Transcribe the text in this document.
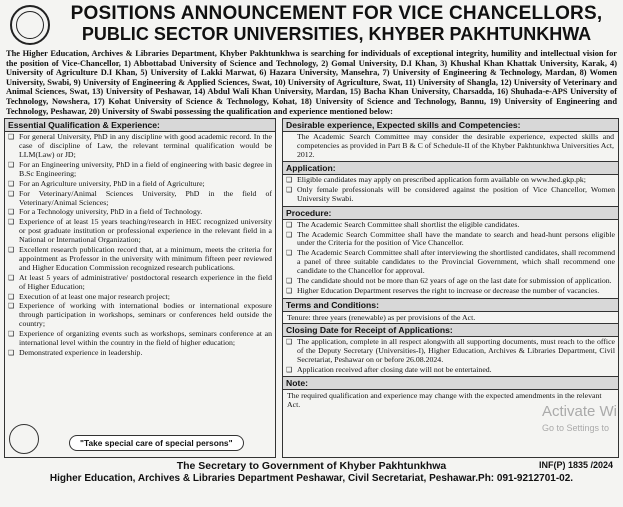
POSITIONS ANNOUNCEMENT FOR VICE CHANCELLORS,
PUBLIC SECTOR UNIVERSITIES, KHYBER PAKHTUNKHWA
The Higher Education, Archives & Libraries Department, Khyber Pakhtunkhwa is searching for individuals of exceptional integrity, humility and intellectual vision for the position of Vice-Chancellor, 1) Abbottabad University of Science and Technology, 2) Gomal University, D.I Khan, 3) Khushal Khan Khattak University, Karak, 4) University of Agriculture D.I Khan, 5) University of Lakki Marwat, 6) Hazara University, Mansehra, 7) University of Engineering & Technology, Mardan, 8) Women University, Swabi, 9) University of Engineering & Applied Sciences, Swat, 10) University of Agriculture, Swat, 11) University of Shangla, 12) University of Veterinary and Animal Sciences, Swat, 13) University of Peshawar, 14) Abdul Wali Khan University, Mardan, 15) Bacha Khan University, Charsadda, 16) Shuhada-e-APS University of Technology, Nowshera, 17) Kohat University of Science & Technology, Kohat, 18) University of Science and Technology, Bannu, 19) University of Engineering and Technology, Peshawar, 20) University of Swabi possessing the qualification and experience mentioned below:
Essential Qualification & Experience:
❑ For general University, PhD in any discipline with good academic record. In the case of discipline of Law, the relevant terminal qualification would be LLM(Law) or JD;
❑ For an Engineering university, PhD in a field of engineering with basic degree in B.Sc Engineering;
❑ For an Agriculture university, PhD in a field of Agriculture;
❑ For Veterinary/Animal Sciences University, PhD in the field of Veterinary/Animal Sciences;
❑ For a Technology university, PhD in a field of Technology.
❑ Experience of at least 15 years teaching/research in HEC recognized university or post graduate institution or professional experience in the relevant field in a National or International Organization;
❑ Excellent research publication record that, at a minimum, meets the criteria for appointment as Professor in the university with minimum fifteen peer reviewed and Higher Education Commission recognized research publications.
❑ At least 5 years of administrative/ postdoctoral research experience in the field of Higher Education;
❑ Execution of at least one major research project;
❑ Experience of working with international bodies or international exposure through participation in workshops, seminars or conferences held outside the country;
❑ Experience of organizing events such as workshops, seminars conference at an international level within the country in the field of higher education;
❑ Demonstrated experience in leadership.
"Take special care of special persons"
Desirable experience, Expected skills and Competencies:
The Academic Search Committee may consider the desirable experience, expected skills and competencies as provided in Part B & C of Schedule-II of the Khyber Pakhtunkhwa Universities Act, 2012.
Application:
❑ Eligible candidates may apply on prescribed application form available on www.hed.gkp.pk;
❑ Only female professionals will be considered against the position of Vice Chancellor, Women University Swabi.
Procedure:
❑ The Academic Search Committee shall shortlist the eligible candidates.
❑ The Academic Search Committee shall have the mandate to search and head-hunt persons eligible under the Criteria for the position of Vice Chancellor.
❑ The Academic Search Committee shall after interviewing the shortlisted candidates, shall recommend a panel of three suitable candidates to the Provincial Government, which shall recommend one candidate to the Chancellor for approval.
❑ The candidate should not be more than 62 years of age on the last date for submission of application.
❑ Higher Education Department reserves the right to increase or decrease the number of vacancies.
Terms and Conditions:
Tenure: three years (renewable) as per provisions of the Act.
Closing Date for Receipt of Applications:
❑ The application, complete in all respect alongwith all supporting documents, must reach to the office of the Deputy Secretary (Universities-I), Higher Education, Archives & Libraries Department, Civil Secretariat, Peshawar on or before 26.08.2024.
❑ Application received after closing date will not be entertained.
Note:
The required qualification and experience may change with the expected amendments in the relevant Act.
INF(P) 1835 /2024
The Secretary to Government of Khyber Pakhtunkhwa
Higher Education, Archives & Libraries Department Peshawar, Civil Secretariat, Peshawar.Ph: 091-9212701-02.
Activate Wi
Go to Settings to
